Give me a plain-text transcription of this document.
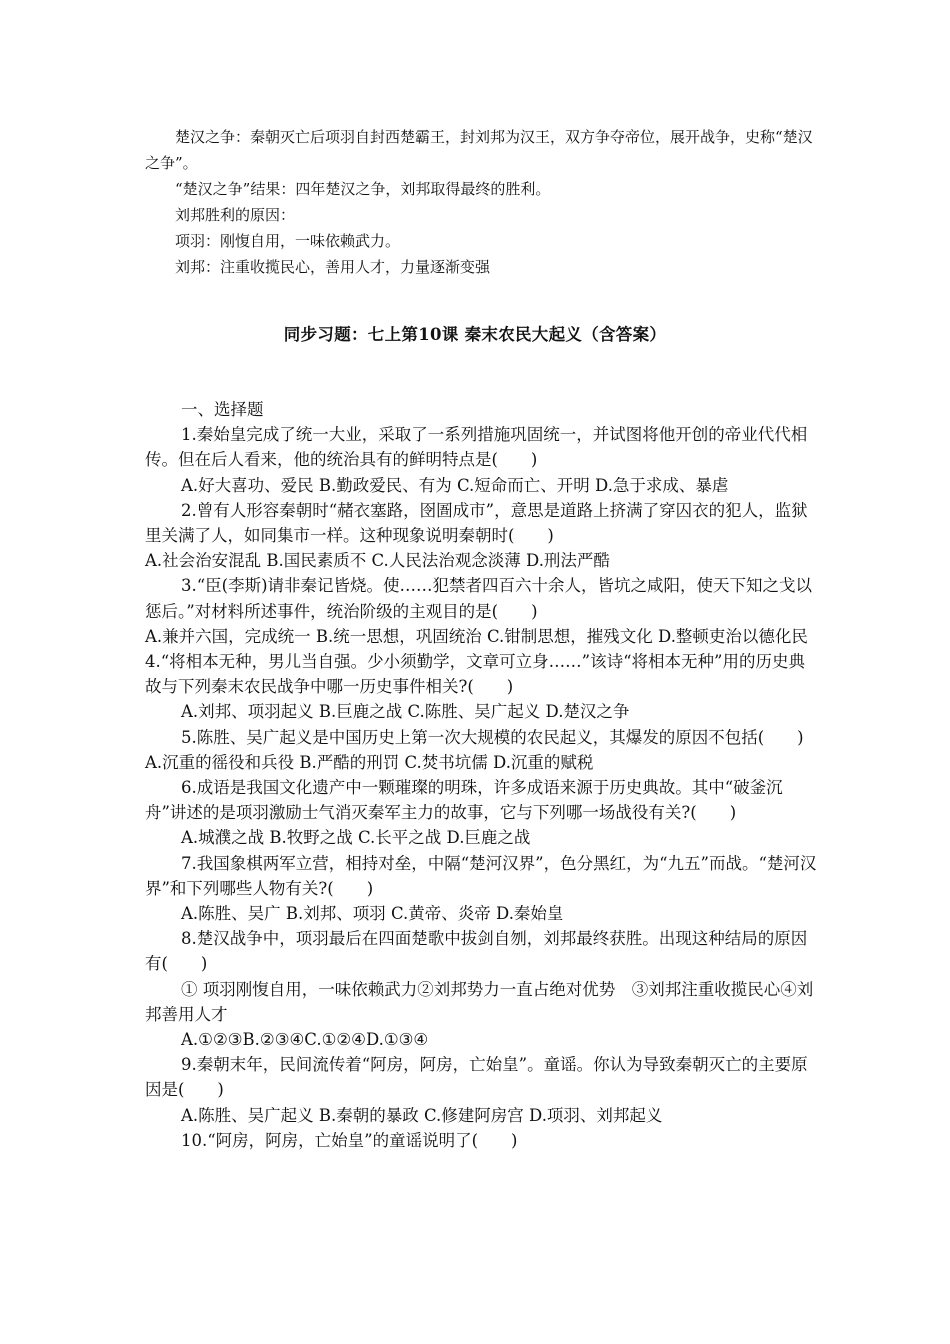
楚汉之争：秦朝灭亡后项羽自封西楚霸王，封刘邦为汉王，双方争夺帝位，展开战争，史称“楚汉之争”。

“楚汉之争”结果：四年楚汉之争，刘邦取得最终的胜利。

刘邦胜利的原因：

项羽：刚愎自用，一味依赖武力。

刘邦：注重收揽民心，善用人才，力量逐渐变强

同步习题：七上第10课 秦末农民大起义（含答案）

一、选择题

1.秦始皇完成了统一大业，采取了一系列措施巩固统一，并试图将他开创的帝业代代相传。但在后人看来，他的统治具有的鲜明特点是(　　)

A.好大喜功、爱民 B.勤政爱民、有为 C.短命而亡、开明 D.急于求成、暴虐

2.曾有人形容秦朝时“赭衣塞路，囹圄成市”，意思是道路上挤满了穿囚衣的犯人，监狱里关满了人，如同集市一样。这种现象说明秦朝时(　　)

A.社会治安混乱 B.国民素质不 C.人民法治观念淡薄 D.刑法严酷

3.“臣(李斯)请非秦记皆烧。使……犯禁者四百六十余人，皆坑之咸阳，使天下知之戈以惩后。”对材料所述事件，统治阶级的主观目的是(　　)

A.兼并六国，完成统一 B.统一思想，巩固统治 C.钳制思想，摧残文化 D.整顿吏治以德化民

4.“将相本无种，男儿当自强。少小须勤学，文章可立身……”该诗“将相本无种”用的历史典故与下列秦末农民战争中哪一历史事件相关?(　　)

A.刘邦、项羽起义 B.巨鹿之战 C.陈胜、吴广起义 D.楚汉之争

5.陈胜、吴广起义是中国历史上第一次大规模的农民起义，其爆发的原因不包括(　　)

A.沉重的徭役和兵役 B.严酷的刑罚 C.焚书坑儒 D.沉重的赋税

6.成语是我国文化遗产中一颗璀璨的明珠，许多成语来源于历史典故。其中“破釜沉舟”讲述的是项羽激励士气消灭秦军主力的故事，它与下列哪一场战役有关?(　　)

A.城濮之战 B.牧野之战 C.长平之战 D.巨鹿之战

7.我国象棋两军立营，相持对垒，中隔“楚河汉界”，色分黑红，为“九五”而战。“楚河汉界”和下列哪些人物有关?(　　)

A.陈胜、吴广 B.刘邦、项羽 C.黄帝、炎帝 D.秦始皇

8.楚汉战争中，项羽最后在四面楚歌中拔剑自刎，刘邦最终获胜。出现这种结局的原因有(　　)

① 项羽刚愎自用，一味依赖武力②刘邦势力一直占绝对优势　③刘邦注重收揽民心④刘邦善用人才

A.①②③B.②③④C.①②④D.①③④

9.秦朝末年，民间流传着“阿房，阿房，亡始皇”。童谣。你认为导致秦朝灭亡的主要原因是(　　)

A.陈胜、吴广起义 B.秦朝的暴政 C.修建阿房宫 D.项羽、刘邦起义

10.“阿房，阿房，亡始皇”的童谣说明了(　　)
